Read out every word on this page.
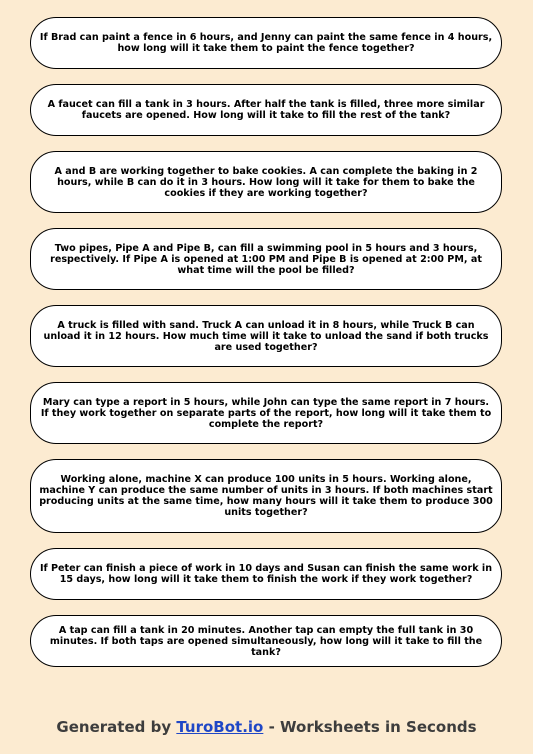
If Brad can paint a fence in 6 hours, and Jenny can paint the same fence in 4 hours, how long will it take them to paint the fence together?
A faucet can fill a tank in 3 hours. After half the tank is filled, three more similar faucets are opened. How long will it take to fill the rest of the tank?
A and B are working together to bake cookies. A can complete the baking in 2 hours, while B can do it in 3 hours. How long will it take for them to bake the cookies if they are working together?
Two pipes, Pipe A and Pipe B, can fill a swimming pool in 5 hours and 3 hours, respectively. If Pipe A is opened at 1:00 PM and Pipe B is opened at 2:00 PM, at what time will the pool be filled?
A truck is filled with sand. Truck A can unload it in 8 hours, while Truck B can unload it in 12 hours. How much time will it take to unload the sand if both trucks are used together?
Mary can type a report in 5 hours, while John can type the same report in 7 hours. If they work together on separate parts of the report, how long will it take them to complete the report?
Working alone, machine X can produce 100 units in 5 hours. Working alone, machine Y can produce the same number of units in 3 hours. If both machines start producing units at the same time, how many hours will it take them to produce 300 units together?
If Peter can finish a piece of work in 10 days and Susan can finish the same work in 15 days, how long will it take them to finish the work if they work together?
A tap can fill a tank in 20 minutes. Another tap can empty the full tank in 30 minutes. If both taps are opened simultaneously, how long will it take to fill the tank?
Generated by TuroBot.io - Worksheets in Seconds
